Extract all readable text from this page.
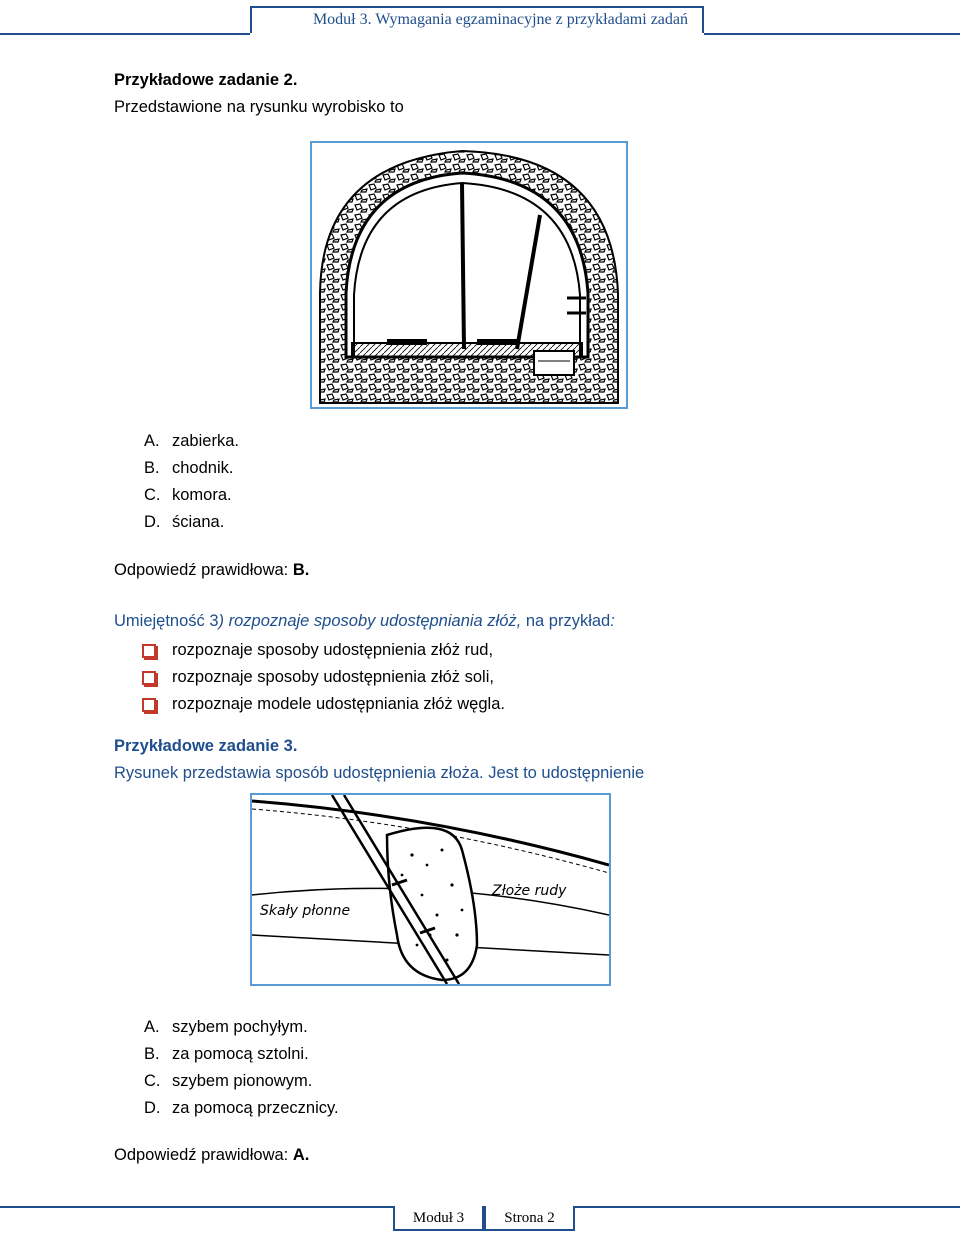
Moduł 3. Wymagania egzaminacyjne z przykładami zadań
Przykładowe zadanie 2.
Przedstawione na rysunku wyrobisko to
A. zabierka.
B. chodnik.
C. komora.
D. ściana.
Odpowiedź prawidłowa: B.
Umiejętność 3) rozpoznaje sposoby udostępniania złóż, na przykład:
rozpoznaje sposoby udostępnienia złóż rud,
rozpoznaje sposoby udostępnienia złóż soli,
rozpoznaje modele udostępniania złóż węgla.
Przykładowe zadanie 3.
Rysunek przedstawia sposób udostępnienia złoża. Jest to udostępnienie
Złoże rudy
Skały płonne
A. szybem pochyłym.
B. za pomocą sztolni.
C. szybem pionowym.
D. za pomocą przecznicy.
Odpowiedź prawidłowa: A.
Moduł 3	Strona 2
